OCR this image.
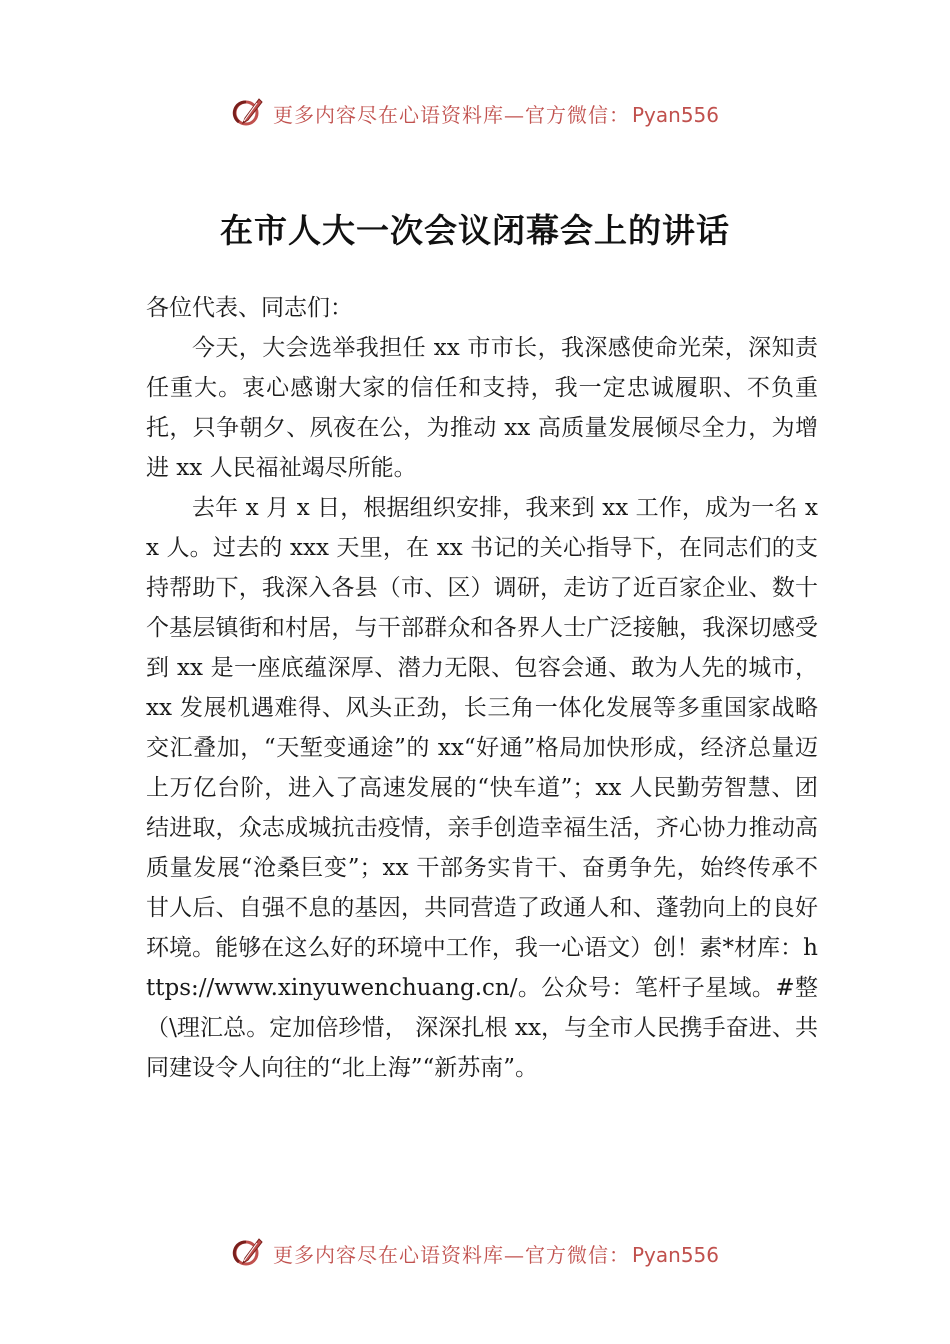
更多内容尽在心语资料库—官方微信： Pyan556
在市人大一次会议闭幕会上的讲话

各位代表、同志们：

今天，大会选举我担任 xx 市市长，我深感使命光荣，深知责任重大。衷心感谢大家的信任和支持，我一定忠诚履职、不负重托，只争朝夕、夙夜在公，为推动 xx 高质量发展倾尽全力，为增进 xx 人民福祉竭尽所能。

去年 x 月 x 日，根据组织安排，我来到 xx 工作，成为一名 xx 人。过去的 xxx 天里，在 xx 书记的关心指导下，在同志们的支持帮助下，我深入各县（市、区）调研，走访了近百家企业、数十个基层镇街和村居，与干部群众和各界人士广泛接触，我深切感受到 xx 是一座底蕴深厚、潜力无限、包容会通、敢为人先的城市，xx 发展机遇难得、风头正劲，长三角一体化发展等多重国家战略交汇叠加，“天堑变通途”的 xx“好通”格局加快形成，经济总量迈上万亿台阶，进入了高速发展的“快车道”；xx 人民勤劳智慧、团结进取，众志成城抗击疫情，亲手创造幸福生活，齐心协力推动高质量发展“沧桑巨变”；xx 干部务实肯干、奋勇争先，始终传承不甘人后、自强不息的基因，共同营造了政通人和、蓬勃向上的良好环境。能够在这么好的环境中工作，我一心语文）创！素*材库：https://www.xinyuwenchuang.cn/。公众号：笔杆子星域。#整（\理汇总。定加倍珍惜， 深深扎根 xx，与全市人民携手奋进、共同建设令人向往的“北上海”“新苏南”。

更多内容尽在心语资料库—官方微信： Pyan556
